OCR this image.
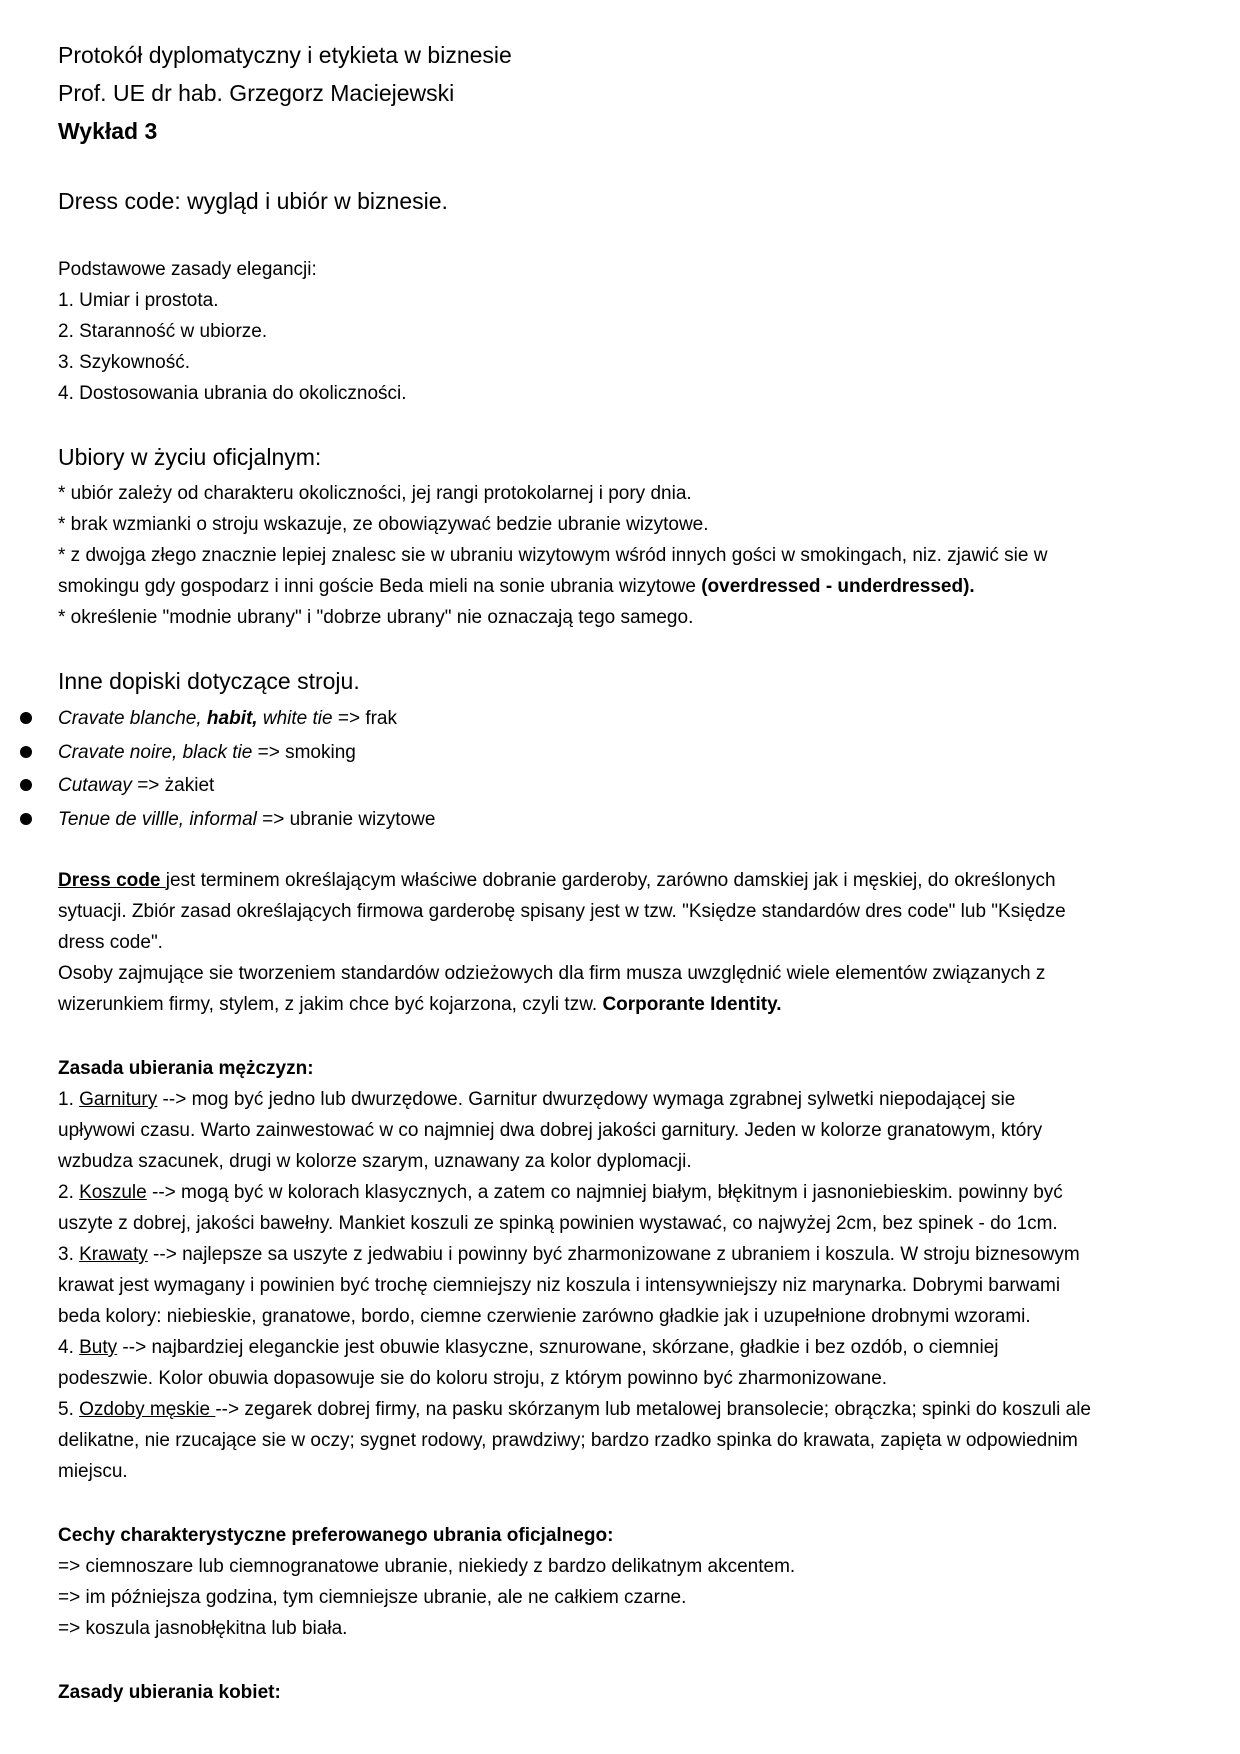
Protokół dyplomatyczny i etykieta w biznesie
Prof. UE dr hab. Grzegorz Maciejewski
Wykład 3
Dress code: wygląd i ubiór w biznesie.
Podstawowe zasady elegancji:
1. Umiar i prostota.
2. Staranność w ubiorze.
3. Szykowność.
4. Dostosowania ubrania do okoliczności.
Ubiory w życiu oficjalnym:
* ubiór zależy od charakteru okoliczności, jej rangi protokolarnej i pory dnia.
* brak wzmianki o stroju wskazuje, ze obowiązywać bedzie ubranie wizytowe.
* z dwojga złego znacznie lepiej znalesc sie w ubraniu wizytowym wśród innych gości w smokingach, niz. zjawić sie w
smokingu gdy gospodarz i inni goście Beda mieli na sonie ubrania wizytowe (overdressed - underdressed).
* określenie "modnie ubrany" i "dobrze ubrany" nie oznaczają tego samego.
Inne dopiski dotyczące stroju.
Cravate blanche, habit, white tie => frak
Cravate noire, black tie => smoking
Cutaway => żakiet
Tenue de villle, informal => ubranie wizytowe
Dress code jest terminem określającym właściwe dobranie garderoby, zarówno damskiej jak i męskiej, do określonych
sytuacji. Zbiór zasad określających firmowa garderobę spisany jest w tzw. "Księdze standardów dres code" lub "Księdze
dress code".
Osoby zajmujące sie tworzeniem standardów odzieżowych dla firm musza uwzględnić wiele elementów związanych z
wizerunkiem firmy, stylem, z jakim chce być kojarzona, czyli tzw. Corporante Identity.
Zasada ubierania mężczyzn:
1. Garnitury --> mog być jedno lub dwurzędowe. Garnitur dwurzędowy wymaga zgrabnej sylwetki niepodającej sie
upływowi czasu. Warto zainwestować w co najmniej dwa dobrej jakości garnitury. Jeden w kolorze granatowym, który
wzbudza szacunek, drugi w kolorze szarym, uznawany za kolor dyplomacji.
2. Koszule --> mogą być w kolorach klasycznych, a zatem co najmniej białym, błękitnym i jasnoniebieskim. powinny być
uszyte z dobrej, jakości bawełny. Mankiet koszuli ze spinką powinien wystawać, co najwyżej 2cm, bez spinek - do 1cm.
3. Krawaty --> najlepsze sa uszyte z jedwabiu i powinny być zharmonizowane z ubraniem i koszula. W stroju biznesowym
krawat jest wymagany i powinien być trochę ciemniejszy niz koszula i intensywniejszy niz marynarka. Dobrymi barwami
beda kolory: niebieskie, granatowe, bordo, ciemne czerwienie zarówno gładkie jak i uzupełnione drobnymi wzorami.
4. Buty --> najbardziej eleganckie jest obuwie klasyczne, sznurowane, skórzane, gładkie i bez ozdób, o ciemniej
podeszwie. Kolor obuwia dopasowuje sie do koloru stroju, z którym powinno być zharmonizowane.
5. Ozdoby męskie --> zegarek dobrej firmy, na pasku skórzanym lub metalowej bransolecie; obrączka; spinki do koszuli ale
delikatne, nie rzucające sie w oczy; sygnet rodowy, prawdziwy; bardzo rzadko spinka do krawata, zapięta w odpowiednim
miejscu.
Cechy charakterystyczne preferowanego ubrania oficjalnego:
=> ciemnoszare lub ciemnogranatowe ubranie, niekiedy z bardzo delikatnym akcentem.
=> im późniejsza godzina, tym ciemniejsze ubranie, ale ne całkiem czarne.
=> koszula jasnobłękitna lub biała.
Zasady ubierania kobiet:
